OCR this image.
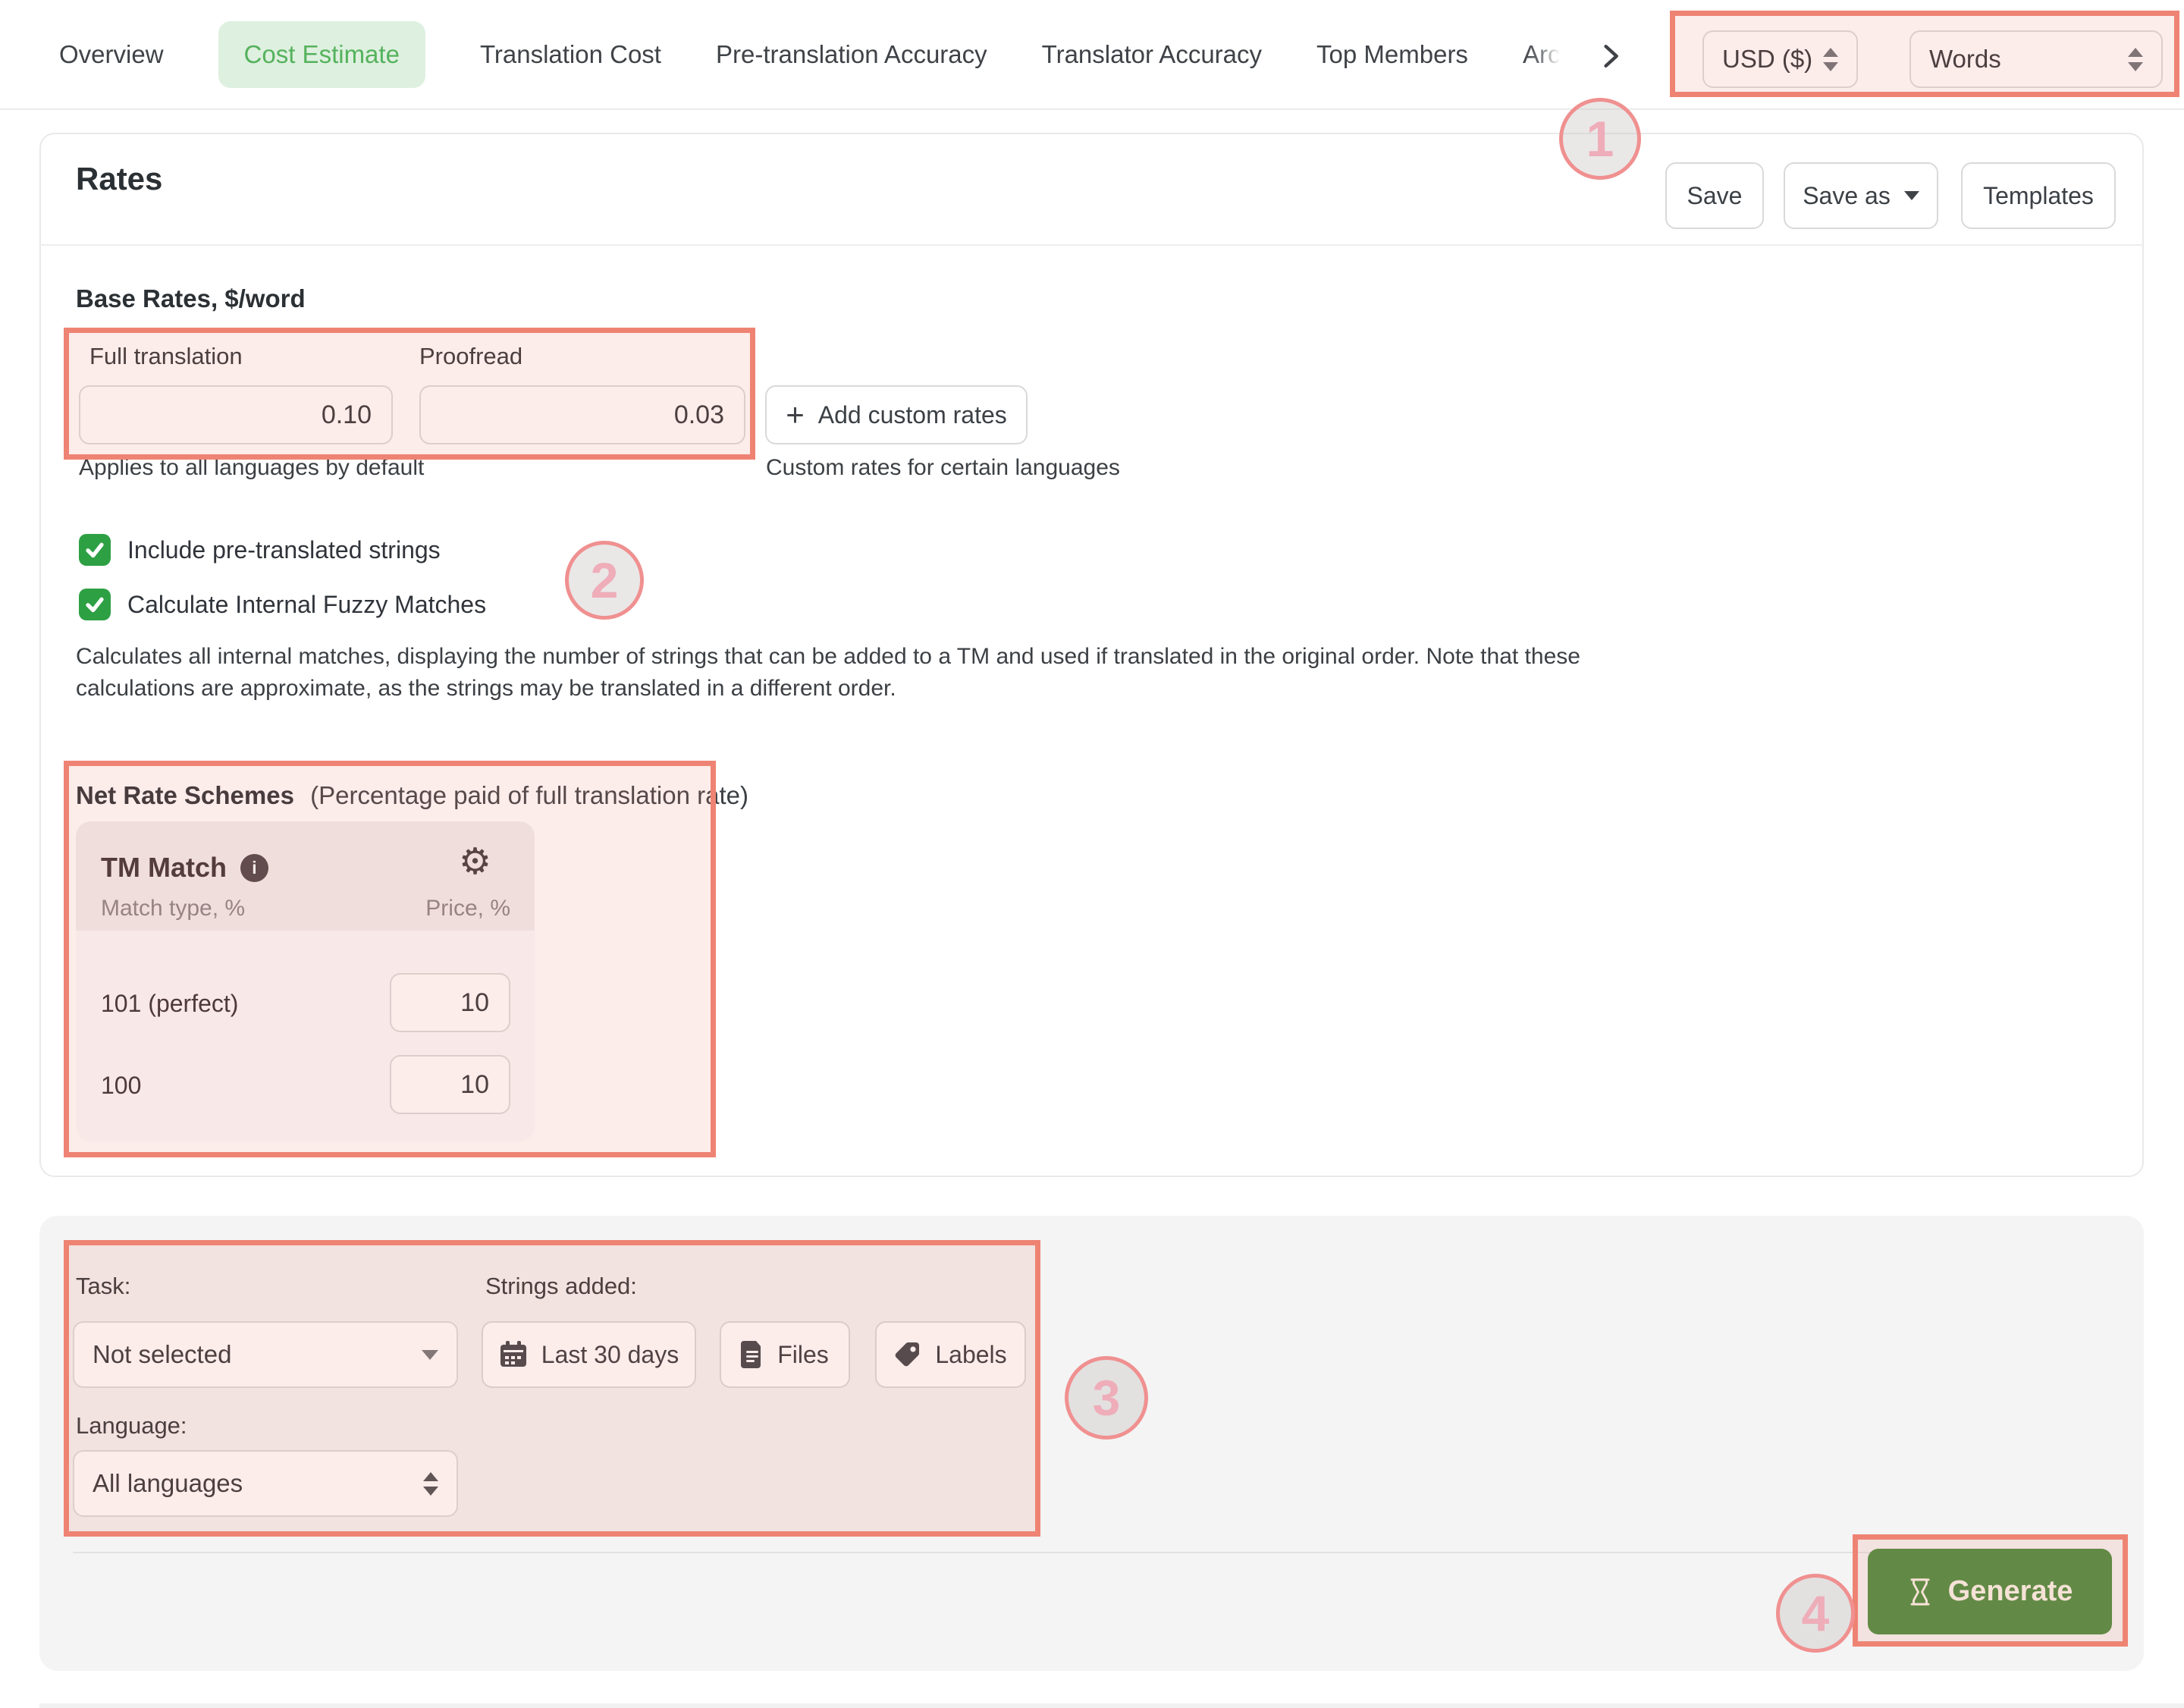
Overview	Cost Estimate	Translation Cost Pre-translation Accuracy Translator Accuracy Top Members Arc	USD ($)	Words
Rates	Save Save as	Templates
Base Rates, $/word
Full translation	Proofread
0.10	0.03	+ Add custom rates
Applies to all languages by default	Custom rates for certain languages
Include pre-translated strings
Calculate Internal Fuzzy Matches
Calculates all internal matches, displaying the number of strings that can be added to a TM and used if translated in the original order. Note that these
calculations are approximate, as the strings may be translated in a different order.
Net Rate Schemes (Percentage paid of full translation rate)
TM Match	i	⚙
Match type, %	Price, %
101 (perfect)	10
100	10
Task:
Not selected
Strings added:
Last 30 days	Files	Labels
Language:
All languages
Generate
1
2
3
4
